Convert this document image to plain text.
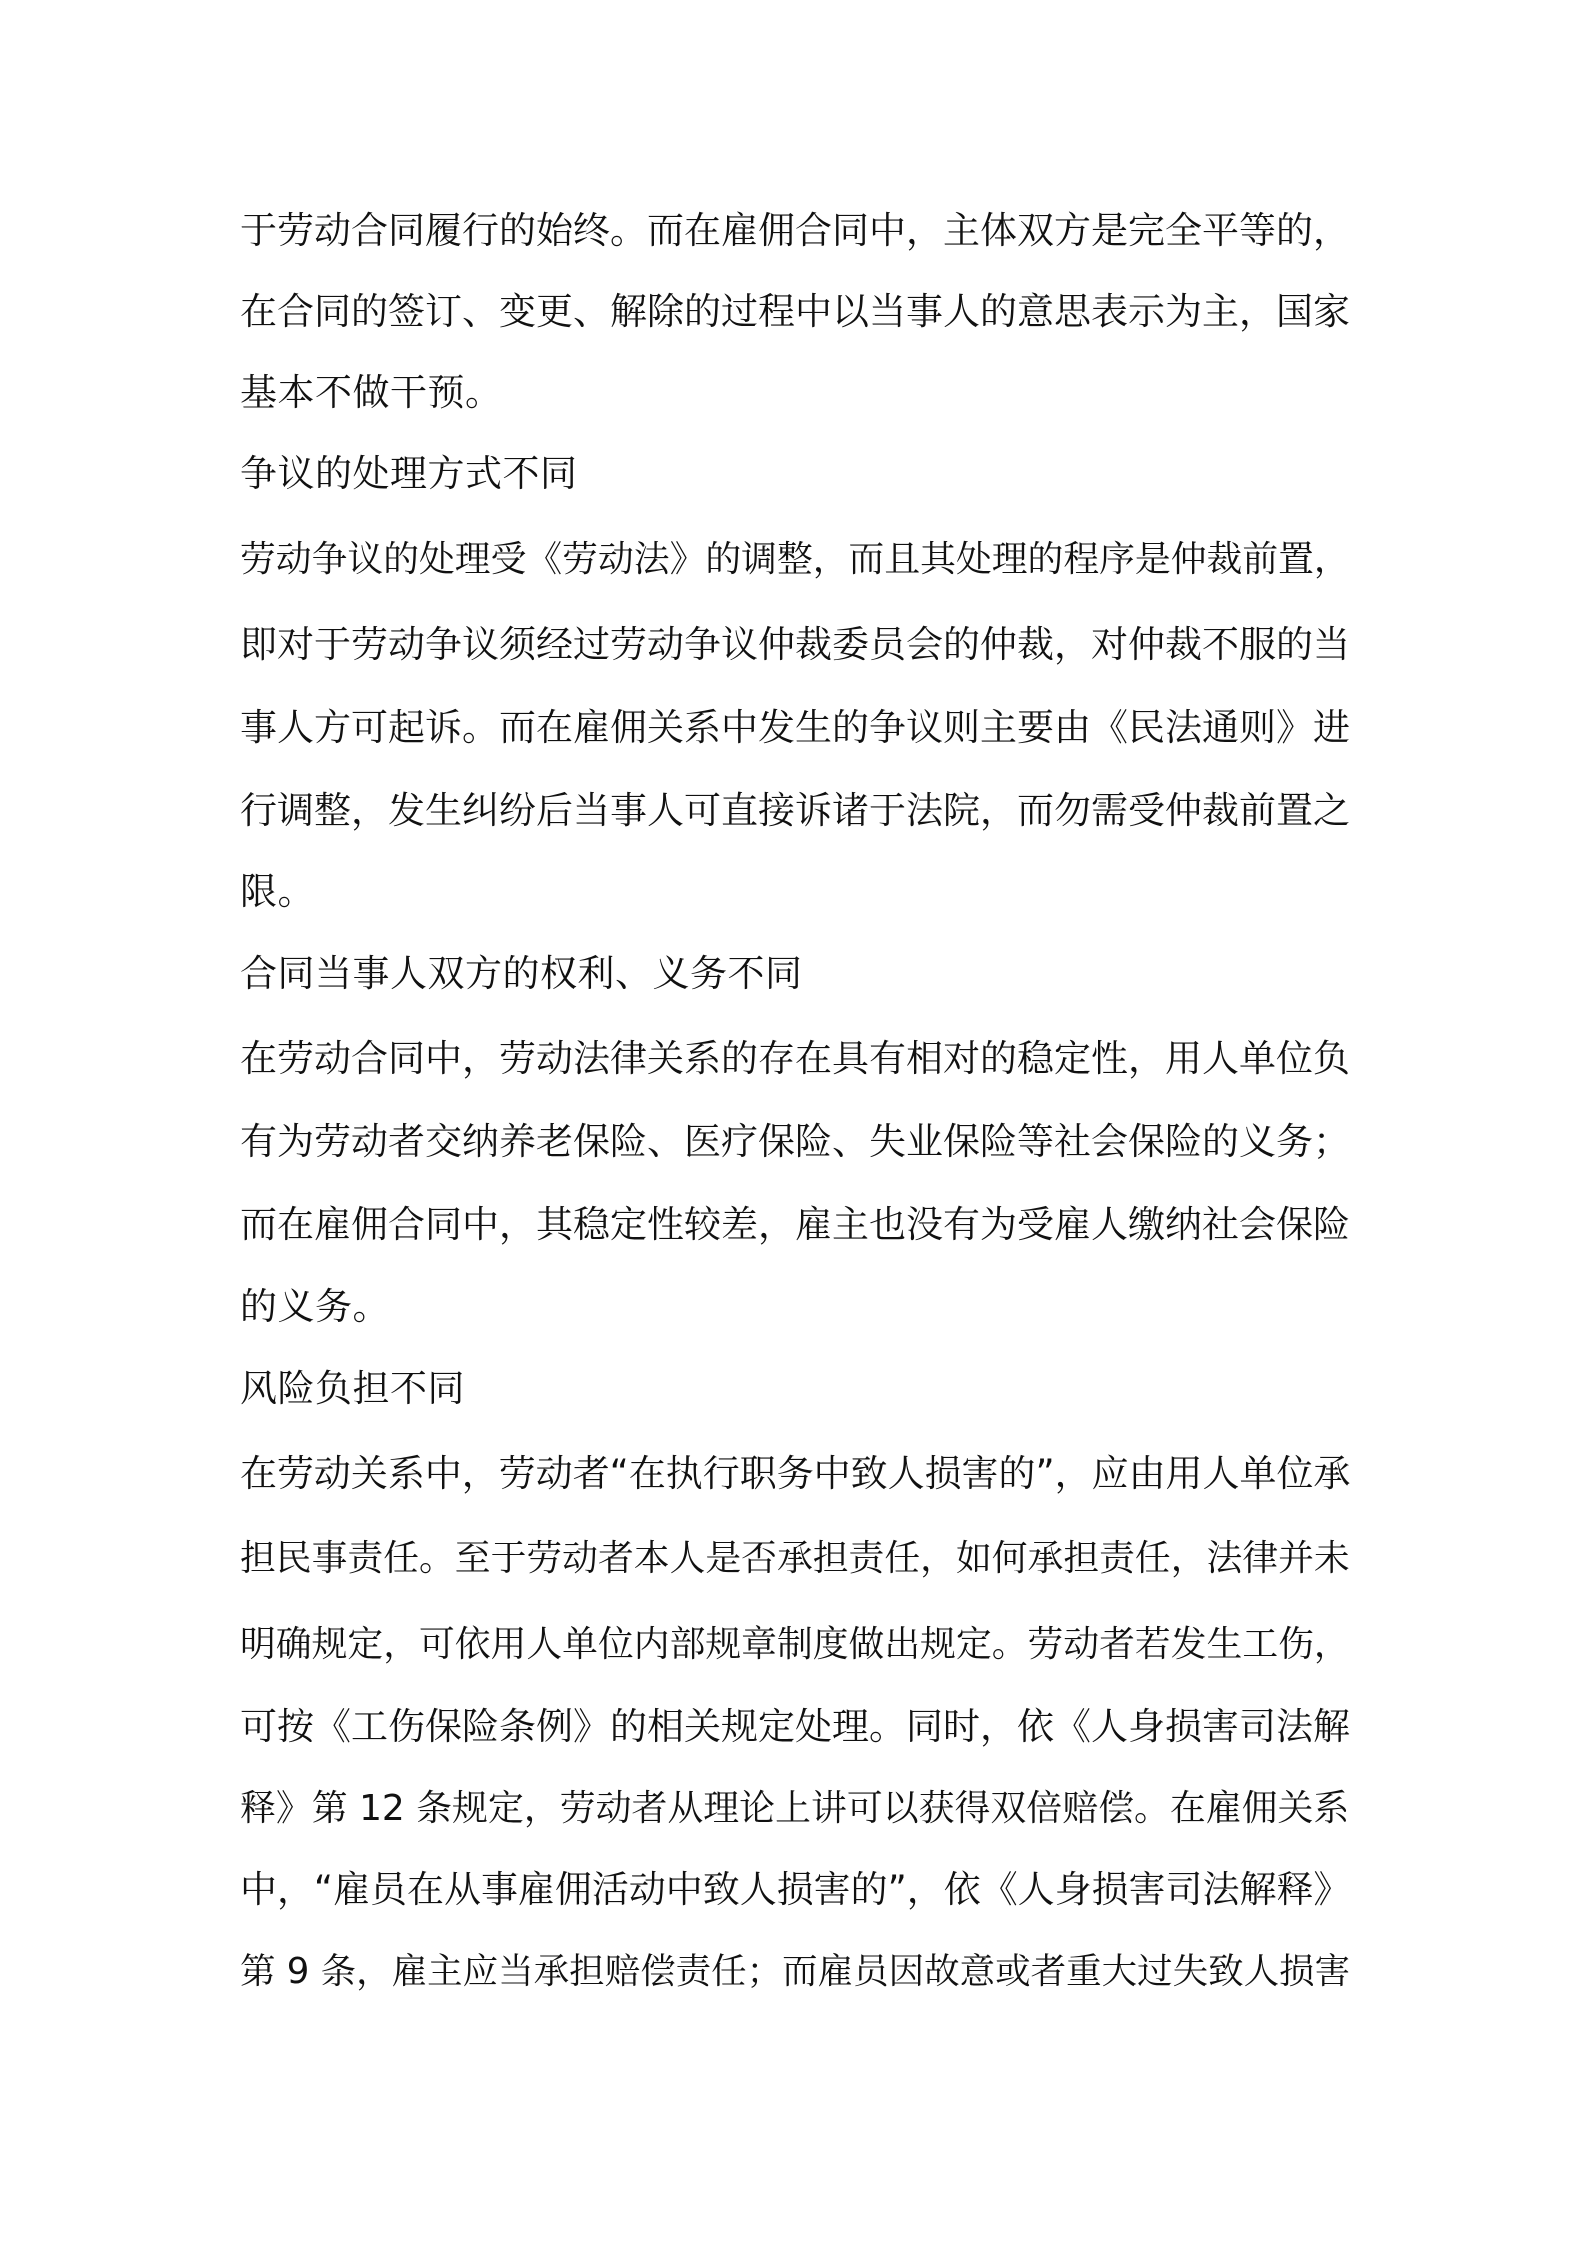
于劳动合同履行的始终。而在雇佣合同中，主体双方是完全平等的，
在合同的签订、变更、解除的过程中以当事人的意思表示为主，国家
基本不做干预。
争议的处理方式不同
劳动争议的处理受《劳动法》的调整，而且其处理的程序是仲裁前置，
即对于劳动争议须经过劳动争议仲裁委员会的仲裁，对仲裁不服的当
事人方可起诉。而在雇佣关系中发生的争议则主要由《民法通则》进
行调整，发生纠纷后当事人可直接诉诸于法院，而勿需受仲裁前置之
限。
合同当事人双方的权利、义务不同
在劳动合同中，劳动法律关系的存在具有相对的稳定性，用人单位负
有为劳动者交纳养老保险、医疗保险、失业保险等社会保险的义务；
而在雇佣合同中，其稳定性较差，雇主也没有为受雇人缴纳社会保险
的义务。
风险负担不同
在劳动关系中，劳动者“在执行职务中致人损害的”，应由用人单位承
担民事责任。至于劳动者本人是否承担责任，如何承担责任，法律并未
明确规定，可依用人单位内部规章制度做出规定。劳动者若发生工伤，
可按《工伤保险条例》的相关规定处理。同时，依《人身损害司法解
释》第 12 条规定，劳动者从理论上讲可以获得双倍赔偿。在雇佣关系
中，“雇员在从事雇佣活动中致人损害的”，依《人身损害司法解释》
第 9 条，雇主应当承担赔偿责任；而雇员因故意或者重大过失致人损害
